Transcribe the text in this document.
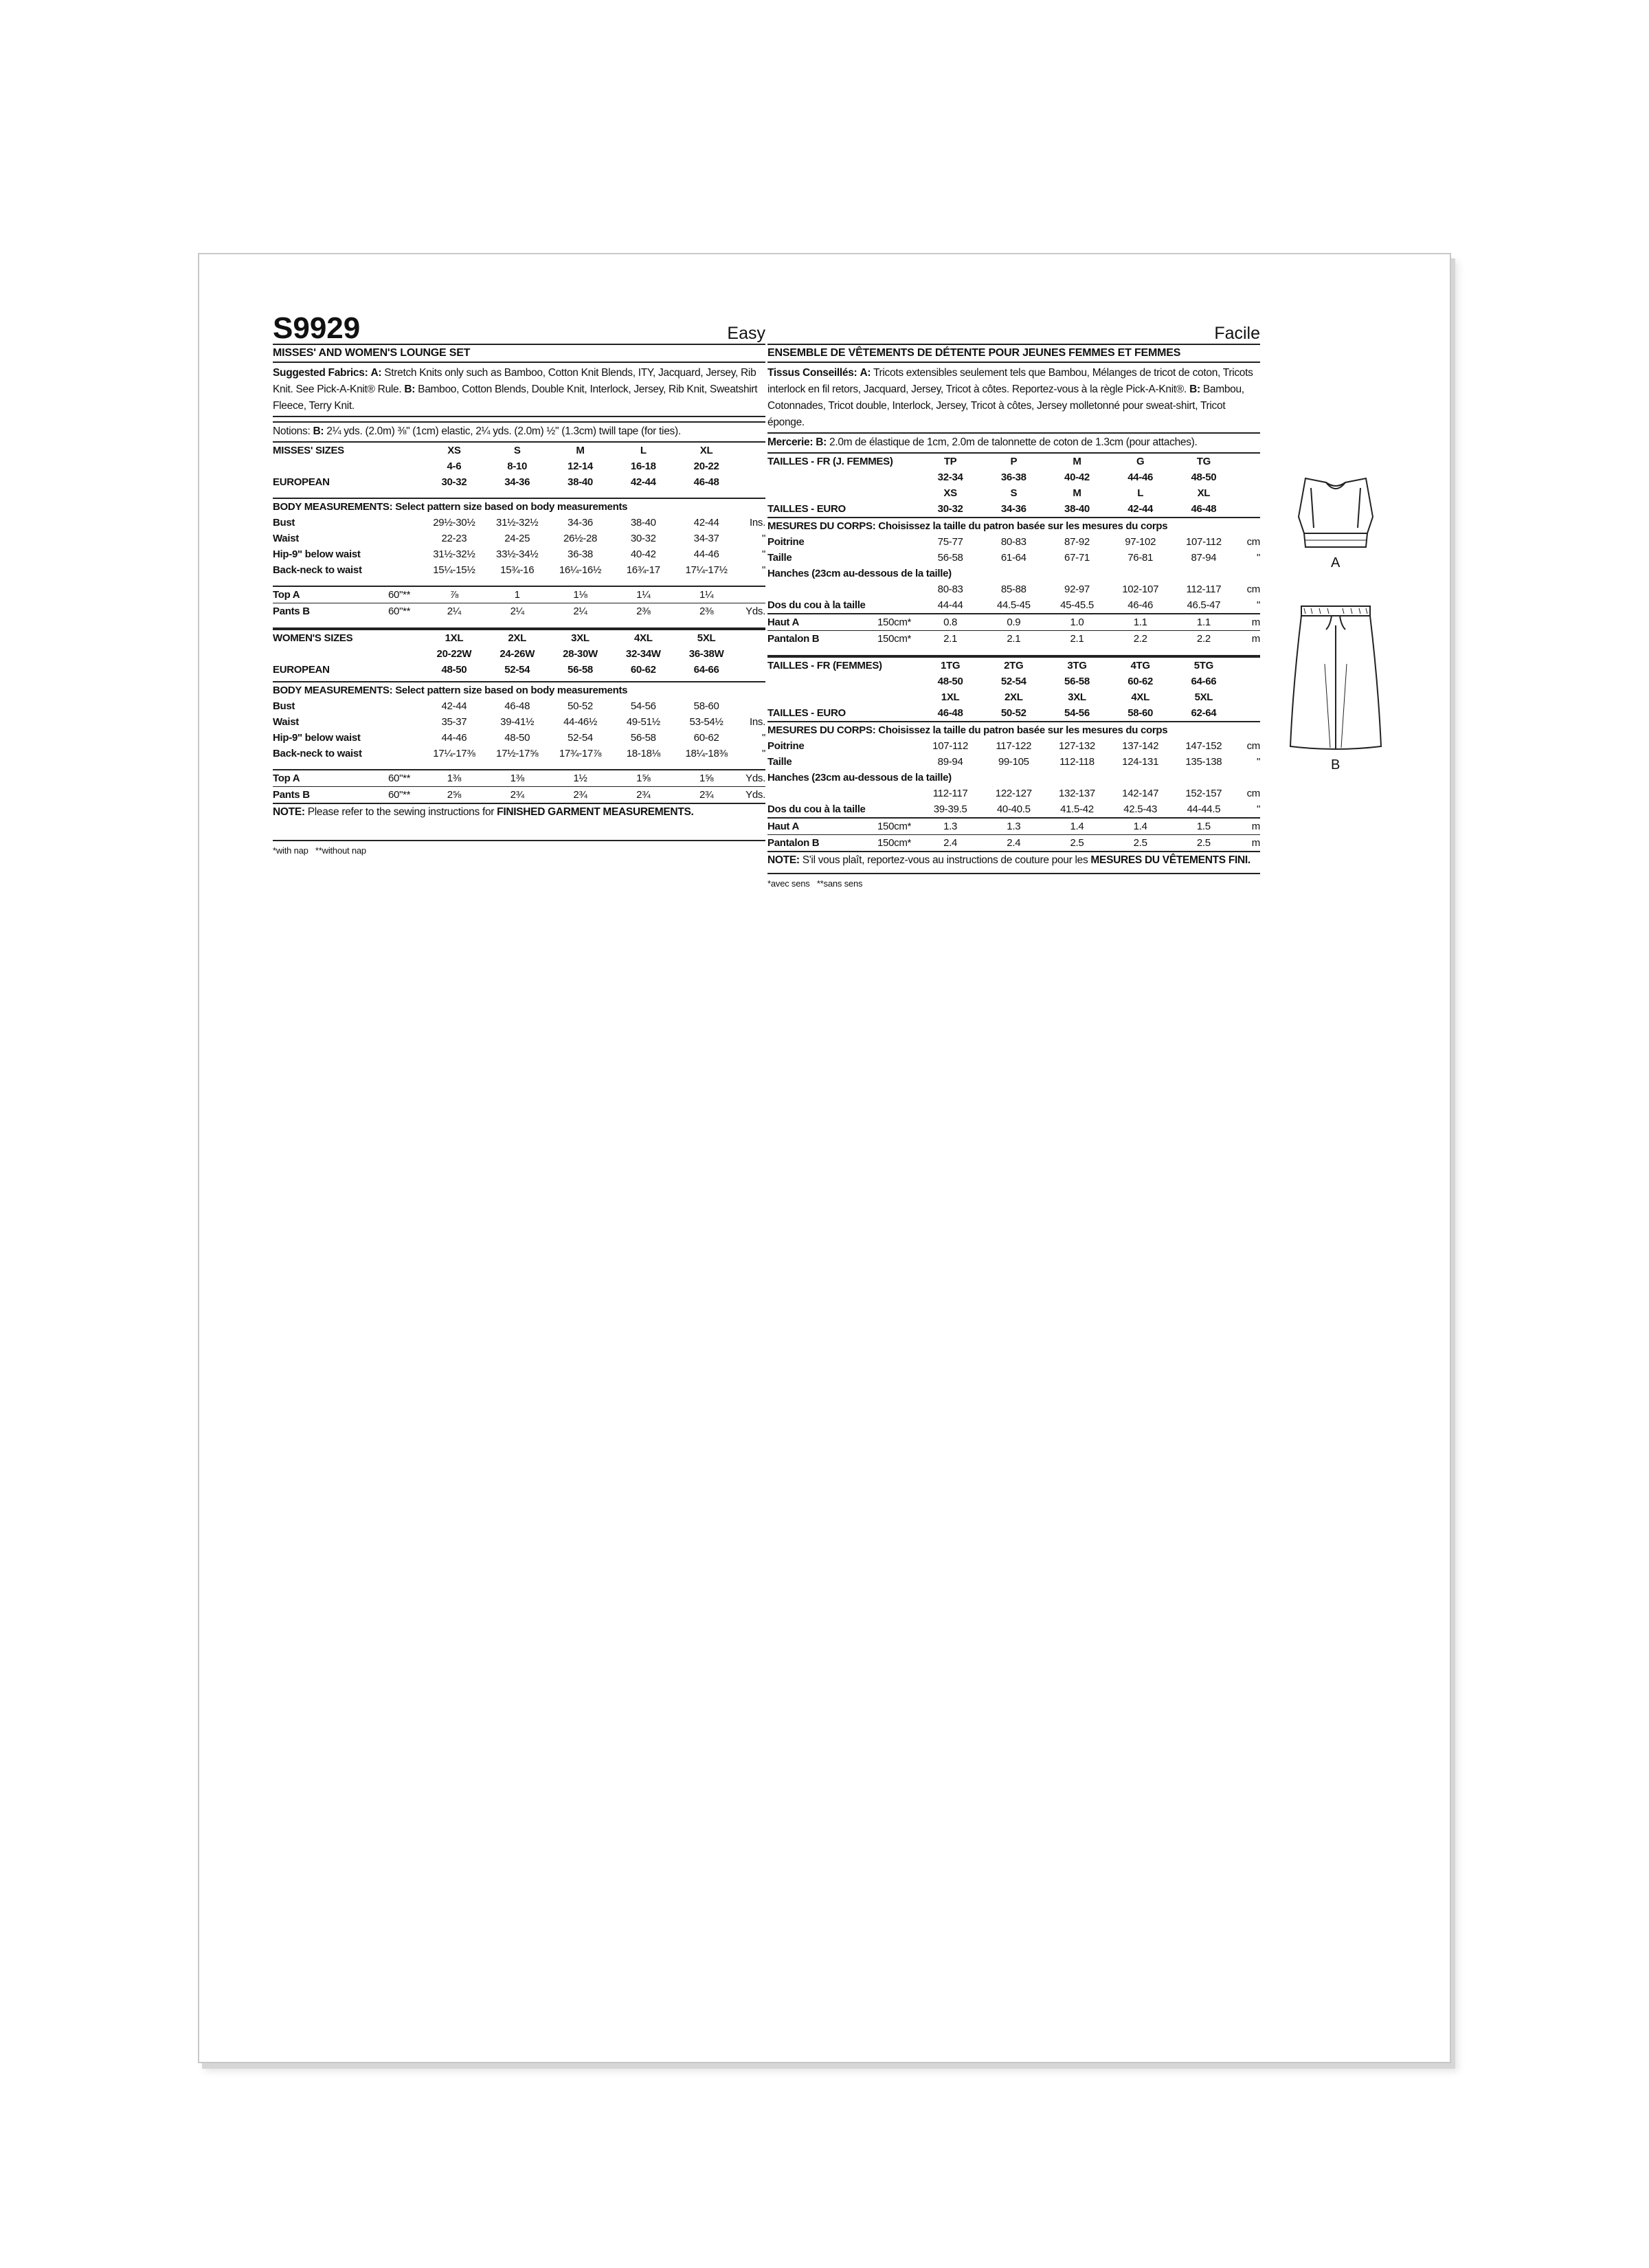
S9929	Easy
MISSES' AND WOMEN'S LOUNGE SET
Suggested Fabrics: A: Stretch Knits only such as Bamboo, Cotton Knit Blends, ITY, Jacquard, Jersey, Rib Knit. See Pick-A-Knit® Rule. B: Bamboo, Cotton Blends, Double Knit, Interlock, Jersey, Rib Knit, Sweatshirt Fleece, Terry Knit.
Notions: B: 2¼ yds. (2.0m) ⅜" (1cm) elastic, 2¼ yds. (2.0m) ½" (1.3cm) twill tape (for ties).
MISSES' SIZES		XS	S	M	L	XL	
		4-6	8-10	12-14	16-18	20-22	
EUROPEAN		30-32	34-36	38-40	42-44	46-48	

BODY MEASUREMENTS: Select pattern size based on body measurements							
Bust		29½-30½	31½-32½	34-36	38-40	42-44	Ins.
Waist		22-23	24-25	26½-28	30-32	34-37	"
Hip-9" below waist		31½-32½	33½-34½	36-38	40-42	44-46	"
Back-neck to waist		15¼-15½	15¾-16	16¼-16½	16¾-17	17¼-17½	"

Top A	60"**	⅞	1	1⅛	1¼	1¼	
Pants B	60"**	2¼	2¼	2¼	2⅜	2⅜	Yds.

WOMEN'S SIZES		1XL	2XL	3XL	4XL	5XL	
		20-22W	24-26W	28-30W	32-34W	36-38W	
EUROPEAN		48-50	52-54	56-58	60-62	64-66	

BODY MEASUREMENTS: Select pattern size based on body measurements							
Bust		42-44	46-48	50-52	54-56	58-60	
Waist		35-37	39-41½	44-46½	49-51½	53-54½	Ins.
Hip-9" below waist		44-46	48-50	52-54	56-58	60-62	"
Back-neck to waist		17¼-17⅜	17½-17⅝	17¾-17⅞	18-18⅛	18¼-18⅜	"

Top A	60"**	1⅜	1⅜	1½	1⅝	1⅝	Yds.
Pants B	60"**	2⅝	2¾	2¾	2¾	2¾	Yds.
NOTE: Please refer to the sewing instructions for FINISHED GARMENT MEASUREMENTS.
*with nap   **without nap
Facile
ENSEMBLE DE VÊTEMENTS DE DÉTENTE POUR JEUNES FEMMES ET FEMMES
Tissus Conseillés: A: Tricots extensibles seulement tels que Bambou, Mélanges de tricot de coton, Tricots interlock en fil retors, Jacquard, Jersey, Tricot à côtes. Reportez-vous à la règle Pick-A-Knit®. B: Bambou, Cotonnades, Tricot double, Interlock, Jersey, Tricot à côtes, Jersey molletonné pour sweat-shirt, Tricot éponge.
Mercerie: B: 2.0m de élastique de 1cm, 2.0m de talonnette de coton de 1.3cm (pour attaches).
TAILLES - FR (J. FEMMES)		TP	P	M	G	TG	
		32-34	36-38	40-42	44-46	48-50	
		XS	S	M	L	XL	
TAILLES - EURO		30-32	34-36	38-40	42-44	46-48	
MESURES DU CORPS: Choisissez la taille du patron basée sur les mesures du corps							
Poitrine		75-77	80-83	87-92	97-102	107-112	cm
Taille		56-58	61-64	67-71	76-81	87-94	"
Hanches (23cm au-dessous de la taille)							
		80-83	85-88	92-97	102-107	112-117	cm
Dos du cou à la taille		44-44	44.5-45	45-45.5	46-46	46.5-47	"
Haut A	150cm*	0.8	0.9	1.0	1.1	1.1	m
Pantalon B	150cm*	2.1	2.1	2.1	2.2	2.2	m

TAILLES - FR (FEMMES)		1TG	2TG	3TG	4TG	5TG	
		48-50	52-54	56-58	60-62	64-66	
		1XL	2XL	3XL	4XL	5XL	
TAILLES - EURO		46-48	50-52	54-56	58-60	62-64	
MESURES DU CORPS: Choisissez la taille du patron basée sur les mesures du corps							
Poitrine		107-112	117-122	127-132	137-142	147-152	cm
Taille		89-94	99-105	112-118	124-131	135-138	"
Hanches (23cm au-dessous de la taille)							
		112-117	122-127	132-137	142-147	152-157	cm
Dos du cou à la taille		39-39.5	40-40.5	41.5-42	42.5-43	44-44.5	"
Haut A	150cm*	1.3	1.3	1.4	1.4	1.5	m
Pantalon B	150cm*	2.4	2.4	2.5	2.5	2.5	m
NOTE: S'il vous plaît, reportez-vous au instructions de couture pour les MESURES DU VÊTEMENTS FINI.
*avec sens   **sans sens
A
B
